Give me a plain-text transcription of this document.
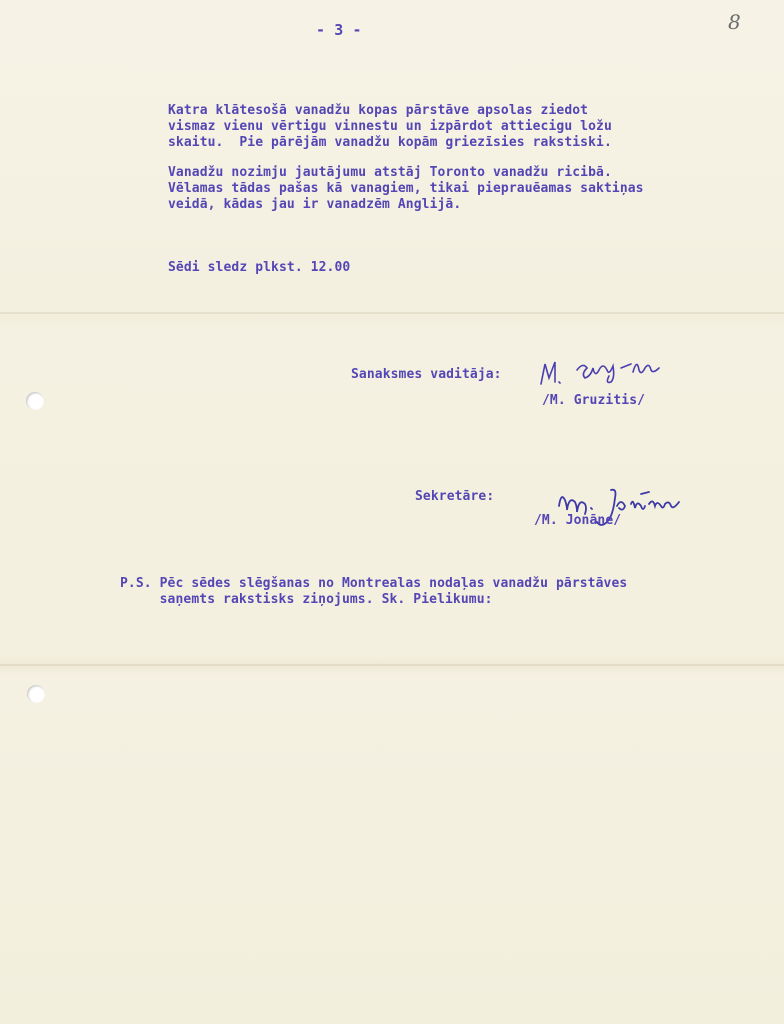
- 3 -	8
Katra klātesošā vanadžu kopas pārstāve apsolas ziedot
vismaz vienu vērtigu vinnestu un izpārdot attiecigu ložu
skaitu.  Pie pārējām vanadžu kopām griezīsies rakstiski.
Vanadžu nozimju jautājumu atstāj Toronto vanadžu ricibā.
Vēlamas tādas pašas kā vanagiem, tikai pieprauēamas saktiņas
veidā, kādas jau ir vanadzēm Anglijā.
Sēdi sledz plkst. 12.00
Sanaksmes vaditāja:
/M. Gruzitis/
Sekretāre:
/M. Jonāne/
P.S. Pēc sēdes slēgšanas no Montrealas nodaļas vanadžu pārstāves
saņemts rakstisks ziņojums. Sk. Pielikumu:
